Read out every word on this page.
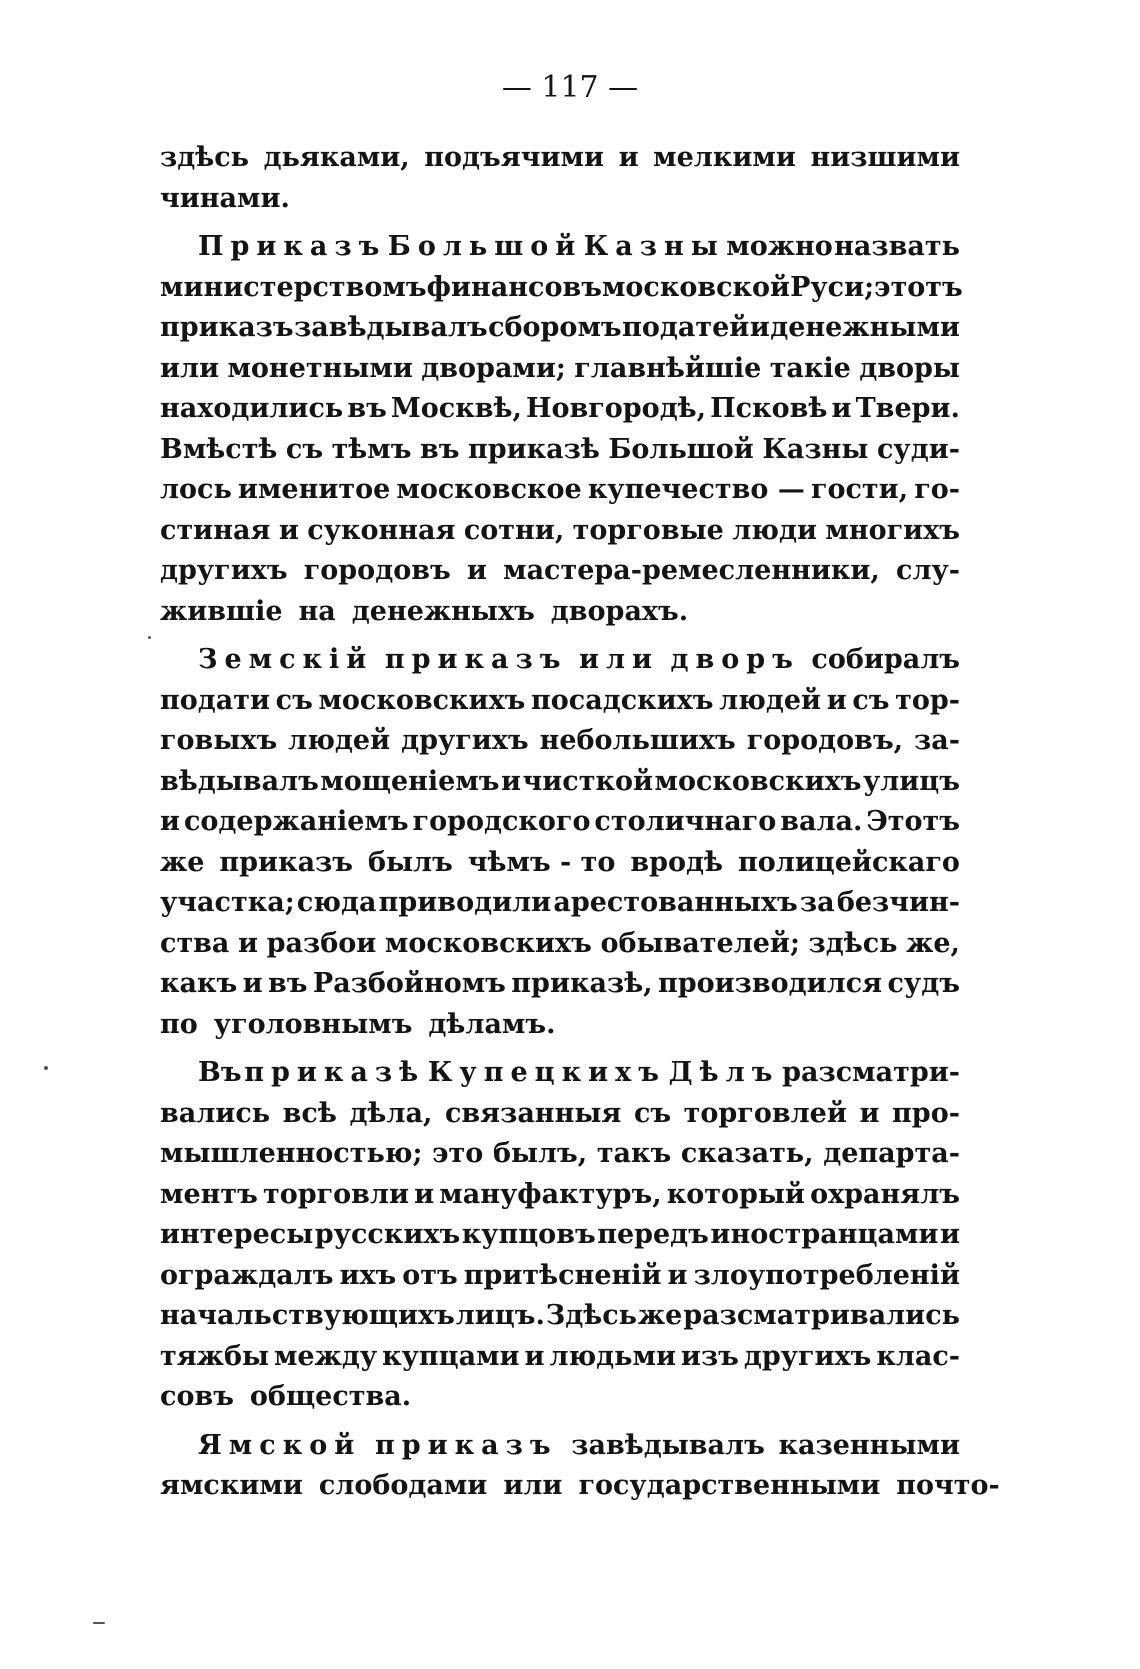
— 117 —
здѣсь дьяками, подъячими и мелкими низшими
чинами.
Приказъ Большой Казны можно назвать
министерствомъ финансовъ московской Руси; этотъ
приказъ завѣдывалъ сборомъ податей и денежными
или монетными дворами; главнѣйшіе такіе дворы
находились въ Москвѣ, Новгородѣ, Псковѣ и Твери.
Вмѣстѣ съ тѣмъ въ приказѣ Большой Казны суди-
лось именитое московское купечество — гости, го-
стиная и суконная сотни, торговые люди многихъ
другихъ городовъ и мастера-ремесленники, слу-
жившіе на денежныхъ дворахъ.
Земскій приказъ или дворъ собиралъ
подати съ московскихъ посадскихъ людей и съ тор-
говыхъ людей другихъ небольшихъ городовъ, за-
вѣдывалъ мощеніемъ и чисткой московскихъ улицъ
и содержаніемъ городского столичнаго вала. Этотъ
же приказъ былъ чѣмъ - то вродѣ полицейскаго
участка; сюда приводили арестованныхъ за безчин-
ства и разбои московскихъ обывателей; здѣсь же,
какъ и въ Разбойномъ приказѣ, производился судъ
по уголовнымъ дѣламъ.
Въ приказѣ Купецкихъ Дѣлъ разсматри-
вались всѣ дѣла, связанныя съ торговлей и про-
мышленностью; это былъ, такъ сказать, департа-
ментъ торговли и мануфактуръ, который охранялъ
интересы русскихъ купцовъ передъ иностранцами и
ограждалъ ихъ отъ притѣсненій и злоупотребленій
начальствующихъ лицъ. Здѣсь же разсматривались
тяжбы между купцами и людьми изъ другихъ клас-
совъ общества.
Ямской приказъ завѣдывалъ казенными
ямскими слободами или государственными почто-
